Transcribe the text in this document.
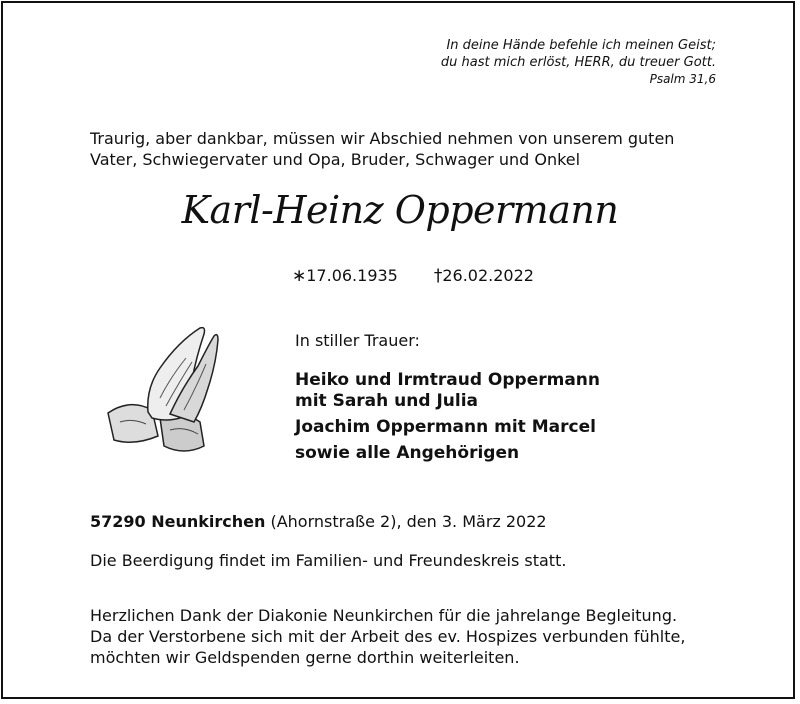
In deine Hände befehle ich meinen Geist;
du hast mich erlöst, HERR, du treuer Gott.
Psalm 31,6
Traurig, aber dankbar, müssen wir Abschied nehmen von unserem guten
Vater, Schwiegervater und Opa, Bruder, Schwager und Onkel
Karl-Heinz Oppermann
∗17.06.1935 †26.02.2022
In stiller Trauer:
Heiko und Irmtraud Oppermann
mit Sarah und Julia
Joachim Oppermann mit Marcel
sowie alle Angehörigen
57290 Neunkirchen (Ahornstraße 2), den 3. März 2022
Die Beerdigung findet im Familien- und Freundeskreis statt.
Herzlichen Dank der Diakonie Neunkirchen für die jahrelange Begleitung.
Da der Verstorbene sich mit der Arbeit des ev. Hospizes verbunden fühlte,
möchten wir Geldspenden gerne dorthin weiterleiten.
